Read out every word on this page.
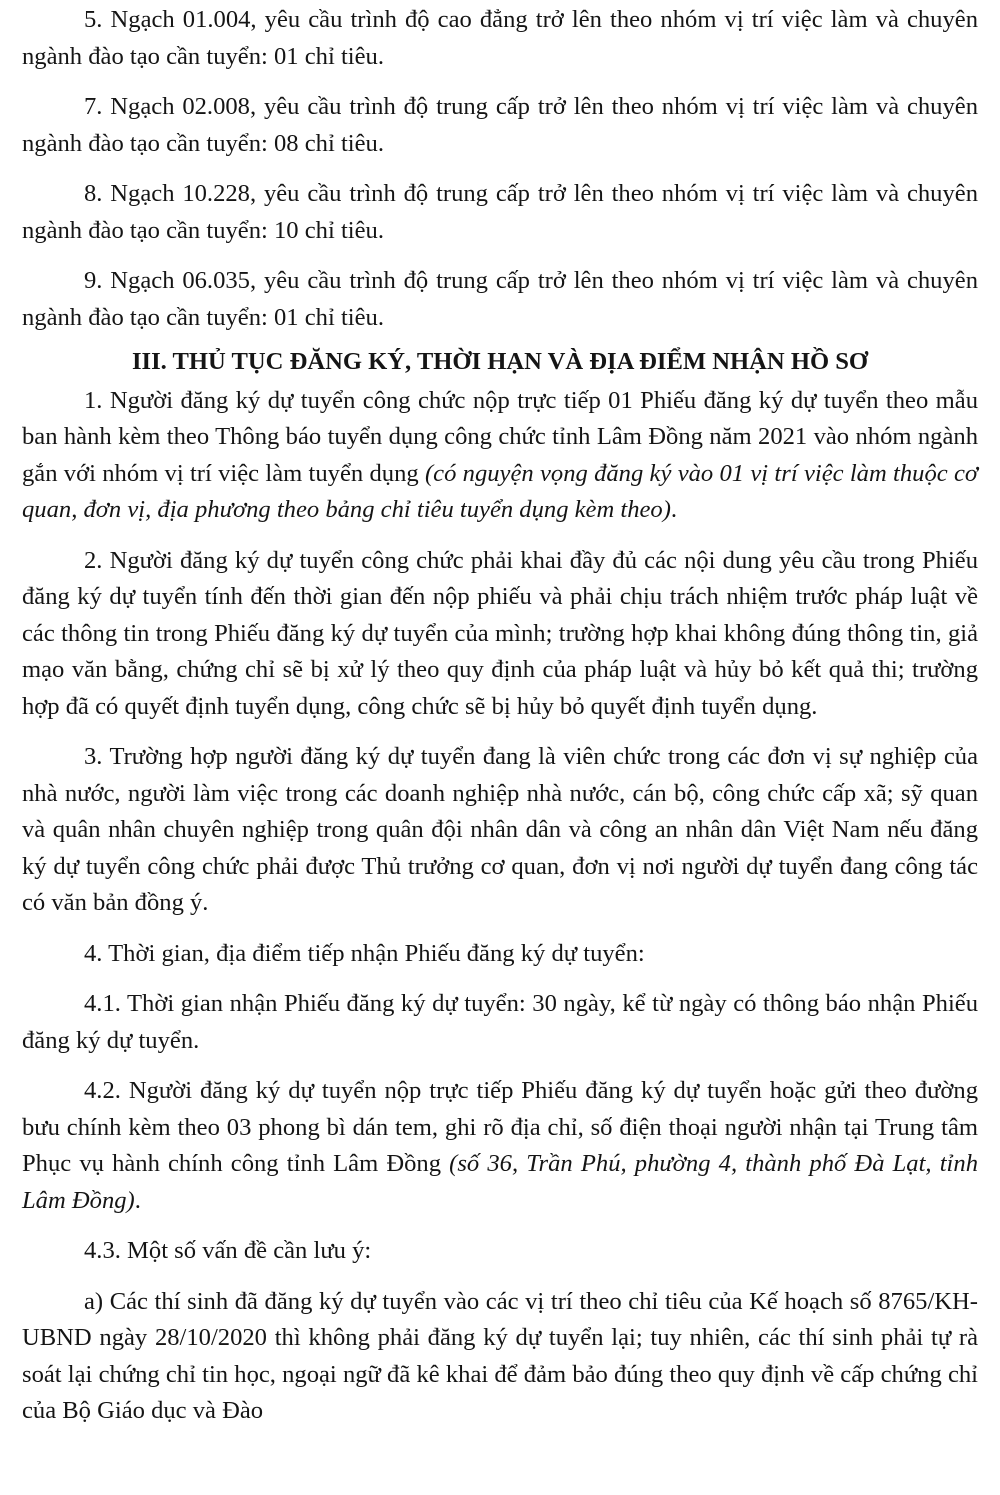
5. Ngạch 01.004, yêu cầu trình độ cao đẳng trở lên theo nhóm vị trí việc làm và chuyên ngành đào tạo cần tuyển: 01 chỉ tiêu.

7. Ngạch 02.008, yêu cầu trình độ trung cấp trở lên theo nhóm vị trí việc làm và chuyên ngành đào tạo cần tuyển: 08 chỉ tiêu.

8. Ngạch 10.228, yêu cầu trình độ trung cấp trở lên theo nhóm vị trí việc làm và chuyên ngành đào tạo cần tuyển: 10 chỉ tiêu.

9. Ngạch 06.035, yêu cầu trình độ trung cấp trở lên theo nhóm vị trí việc làm và chuyên ngành đào tạo cần tuyển: 01 chỉ tiêu.

III. THỦ TỤC ĐĂNG KÝ, THỜI HẠN VÀ ĐỊA ĐIỂM NHẬN HỒ SƠ

1. Người đăng ký dự tuyển công chức nộp trực tiếp 01 Phiếu đăng ký dự tuyển theo mẫu ban hành kèm theo Thông báo tuyển dụng công chức tỉnh Lâm Đồng năm 2021 vào nhóm ngành gắn với nhóm vị trí việc làm tuyển dụng (có nguyện vọng đăng ký vào 01 vị trí việc làm thuộc cơ quan, đơn vị, địa phương theo bảng chỉ tiêu tuyển dụng kèm theo).

2. Người đăng ký dự tuyển công chức phải khai đầy đủ các nội dung yêu cầu trong Phiếu đăng ký dự tuyển tính đến thời gian đến nộp phiếu và phải chịu trách nhiệm trước pháp luật về các thông tin trong Phiếu đăng ký dự tuyển của mình; trường hợp khai không đúng thông tin, giả mạo văn bằng, chứng chỉ sẽ bị xử lý theo quy định của pháp luật và hủy bỏ kết quả thi; trường hợp đã có quyết định tuyển dụng, công chức sẽ bị hủy bỏ quyết định tuyển dụng.

3. Trường hợp người đăng ký dự tuyển đang là viên chức trong các đơn vị sự nghiệp của nhà nước, người làm việc trong các doanh nghiệp nhà nước, cán bộ, công chức cấp xã; sỹ quan và quân nhân chuyên nghiệp trong quân đội nhân dân và công an nhân dân Việt Nam nếu đăng ký dự tuyển công chức phải được Thủ trưởng cơ quan, đơn vị nơi người dự tuyển đang công tác có văn bản đồng ý.

4. Thời gian, địa điểm tiếp nhận Phiếu đăng ký dự tuyển:

4.1. Thời gian nhận Phiếu đăng ký dự tuyển: 30 ngày, kể từ ngày có thông báo nhận Phiếu đăng ký dự tuyển.

4.2. Người đăng ký dự tuyển nộp trực tiếp Phiếu đăng ký dự tuyển hoặc gửi theo đường bưu chính kèm theo 03 phong bì dán tem, ghi rõ địa chỉ, số điện thoại người nhận tại Trung tâm Phục vụ hành chính công tỉnh Lâm Đồng (số 36, Trần Phú, phường 4, thành phố Đà Lạt, tỉnh Lâm Đồng).

4.3. Một số vấn đề cần lưu ý:

a) Các thí sinh đã đăng ký dự tuyển vào các vị trí theo chỉ tiêu của Kế hoạch số 8765/KH-UBND ngày 28/10/2020 thì không phải đăng ký dự tuyển lại; tuy nhiên, các thí sinh phải tự rà soát lại chứng chỉ tin học, ngoại ngữ đã kê khai để đảm bảo đúng theo quy định về cấp chứng chỉ của Bộ Giáo dục và Đào
